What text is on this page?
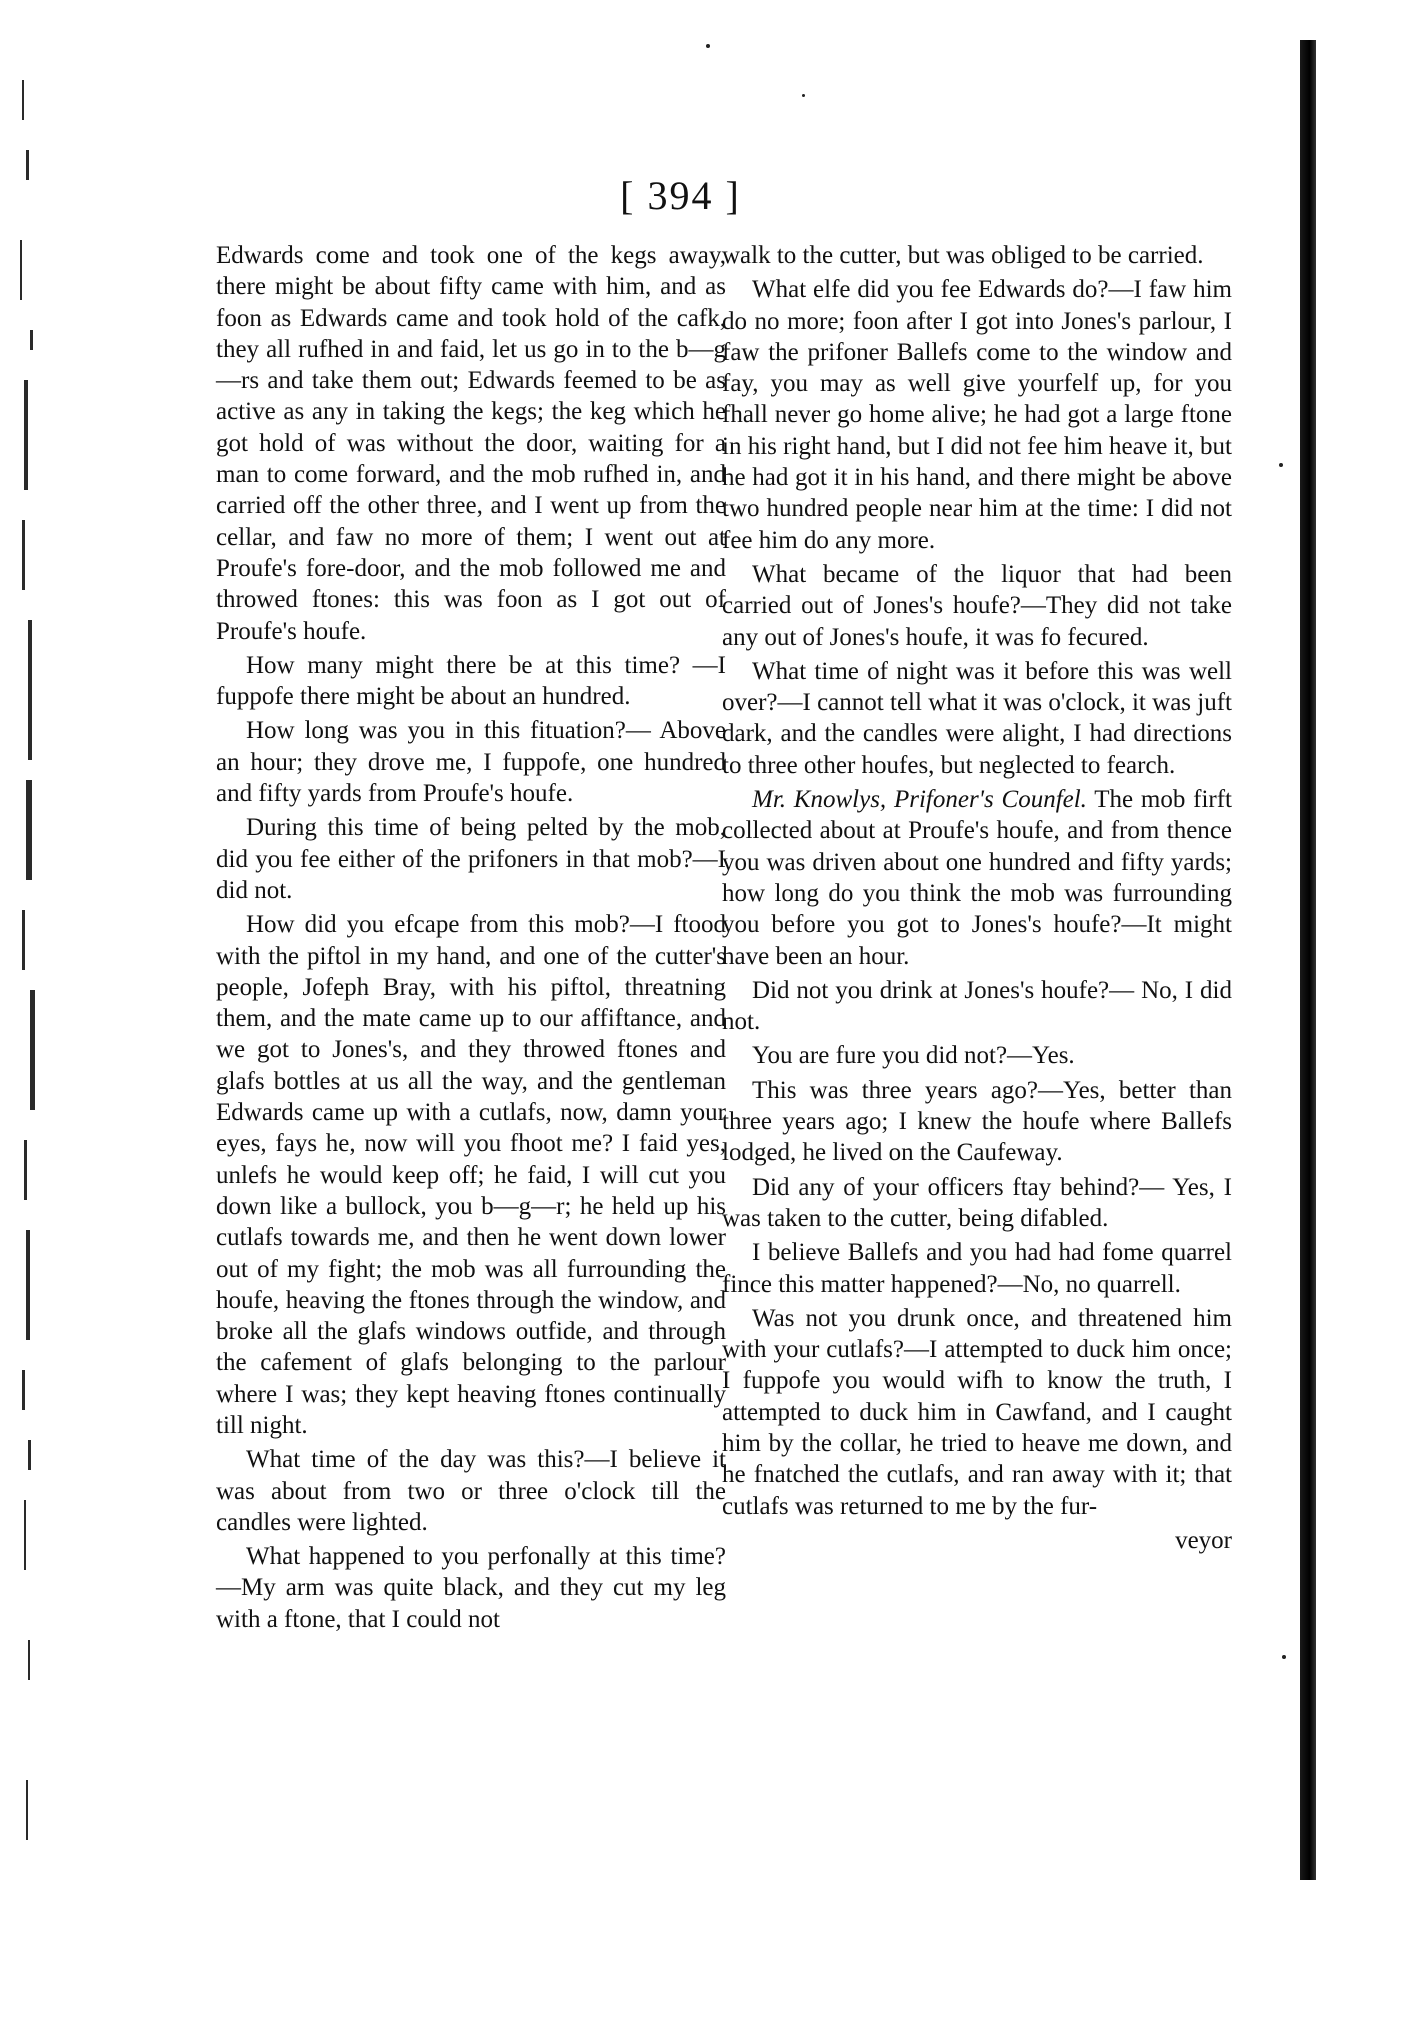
[ 394 ]

Edwards come and took one of the kegs away, there might be about fifty came with him, and as foon as Edwards came and took hold of the cafk, they all rufhed in and faid, let us go in to the b—g—rs and take them out; Edwards feemed to be as active as any in taking the kegs; the keg which he got hold of was without the door, waiting for a man to come forward, and the mob rufhed in, and carried off the other three, and I went up from the cellar, and faw no more of them; I went out at Proufe's fore-door, and the mob followed me and throwed ftones: this was foon as I got out of Proufe's houfe.

How many might there be at this time? —I fuppofe there might be about an hundred.

How long was you in this fituation?— Above an hour; they drove me, I fuppofe, one hundred and fifty yards from Proufe's houfe.

During this time of being pelted by the mob, did you fee either of the prifoners in that mob?—I did not.

How did you efcape from this mob?—I ftood with the piftol in my hand, and one of the cutter's people, Jofeph Bray, with his piftol, threatning them, and the mate came up to our affiftance, and we got to Jones's, and they throwed ftones and glafs bottles at us all the way, and the gentleman Edwards came up with a cutlafs, now, damn your eyes, fays he, now will you fhoot me? I faid yes, unlefs he would keep off; he faid, I will cut you down like a bullock, you b—g—r; he held up his cutlafs towards me, and then he went down lower out of my fight; the mob was all furrounding the houfe, heaving the ftones through the window, and broke all the glafs windows outfide, and through the cafement of glafs belonging to the parlour where I was; they kept heaving ftones continually till night.

What time of the day was this?—I believe it was about from two or three o'clock till the candles were lighted.

What happened to you perfonally at this time?—My arm was quite black, and they cut my leg with a ftone, that I could not

walk to the cutter, but was obliged to be carried.

What elfe did you fee Edwards do?—I faw him do no more; foon after I got into Jones's parlour, I faw the prifoner Ballefs come to the window and fay, you may as well give yourfelf up, for you fhall never go home alive; he had got a large ftone in his right hand, but I did not fee him heave it, but he had got it in his hand, and there might be above two hundred people near him at the time: I did not fee him do any more.

What became of the liquor that had been carried out of Jones's houfe?—They did not take any out of Jones's houfe, it was fo fecured.

What time of night was it before this was well over?—I cannot tell what it was o'clock, it was juft dark, and the candles were alight, I had directions to three other houfes, but neglected to fearch.

Mr. Knowlys, Prifoner's Counfel. The mob firft collected about at Proufe's houfe, and from thence you was driven about one hundred and fifty yards; how long do you think the mob was furrounding you before you got to Jones's houfe?—It might have been an hour.

Did not you drink at Jones's houfe?— No, I did not.

You are fure you did not?—Yes.

This was three years ago?—Yes, better than three years ago; I knew the houfe where Ballefs lodged, he lived on the Caufeway.

Did any of your officers ftay behind?— Yes, I was taken to the cutter, being difabled.

I believe Ballefs and you had had fome quarrel fince this matter happened?—No, no quarrell.

Was not you drunk once, and threatened him with your cutlafs?—I attempted to duck him once; I fuppofe you would wifh to know the truth, I attempted to duck him in Cawfand, and I caught him by the collar, he tried to heave me down, and he fnatched the cutlafs, and ran away with it; that cutlafs was returned to me by the fur-

veyor
